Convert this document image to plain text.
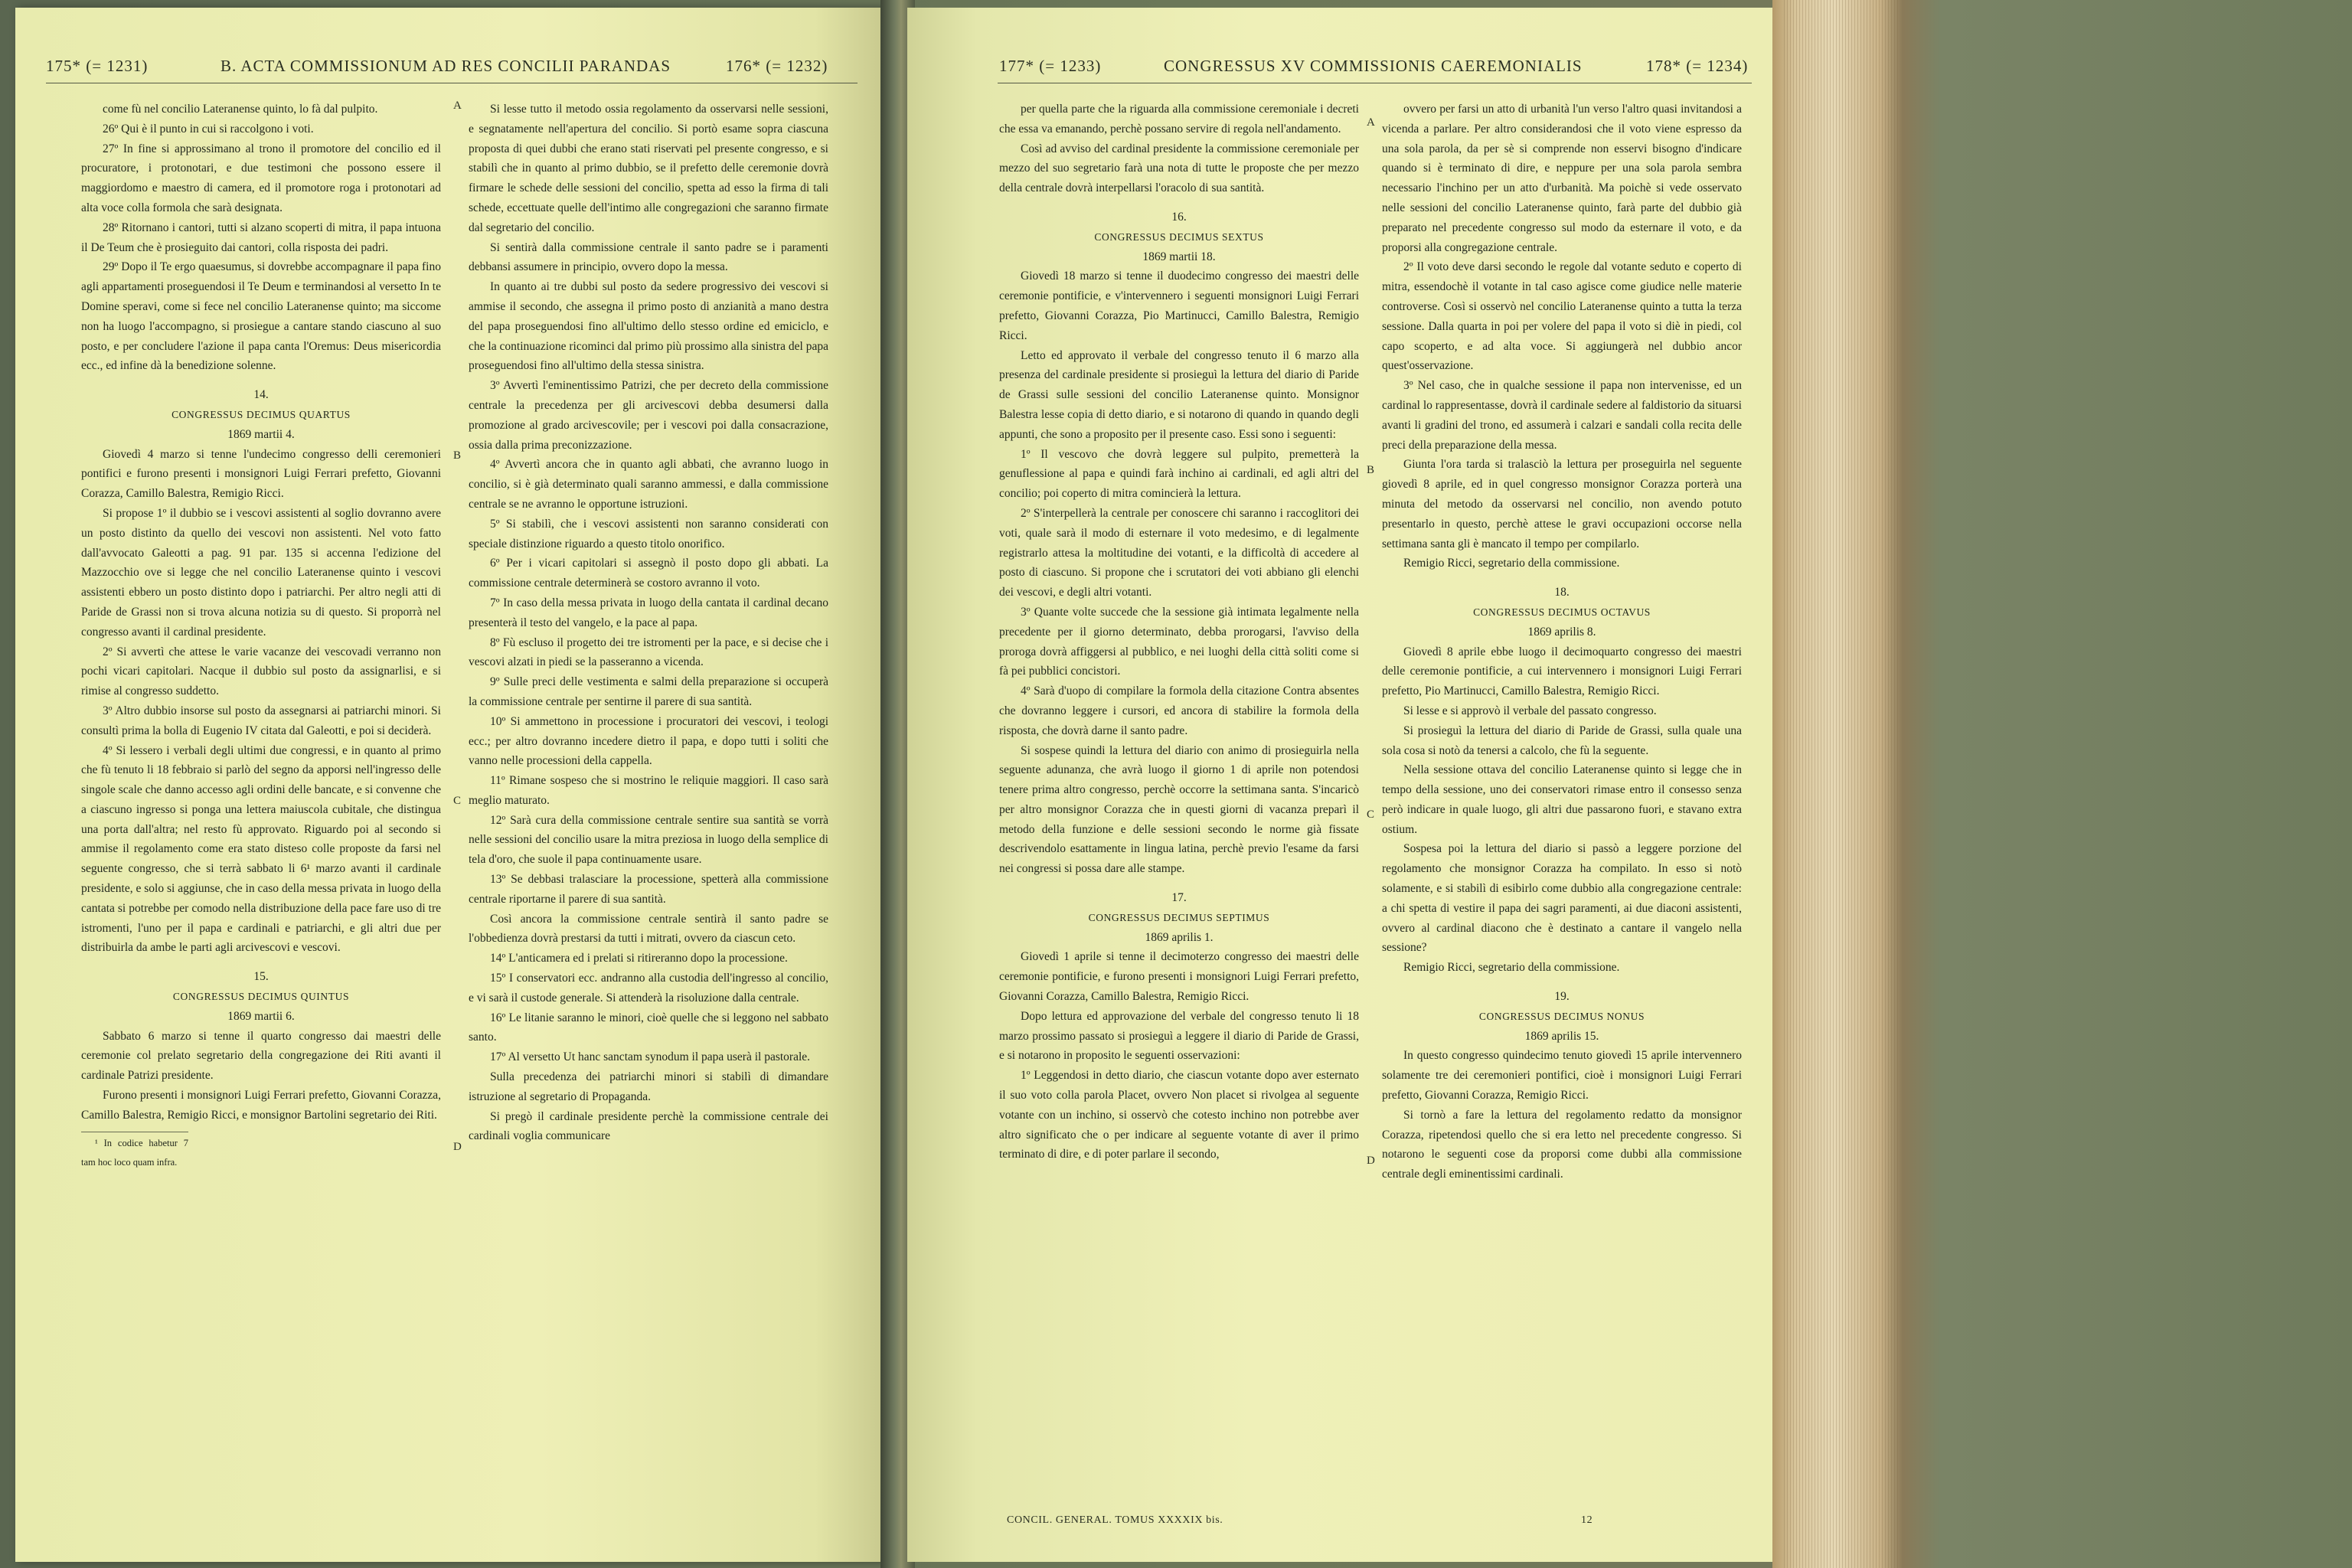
175* (= 1231)	B. ACTA COMMISSIONUM AD RES CONCILII PARANDAS	176* (= 1232)

come fù nel concilio Lateranense quinto, lo fà dal pulpito.

26º Qui è il punto in cui si raccolgono i voti.

27º In fine si approssimano al trono il promotore del concilio ed il procuratore, i protonotari, e due testimoni che possono essere il maggiordomo e maestro di camera, ed il promotore roga i protonotari ad alta voce colla formola che sarà designata.

28º Ritornano i cantori, tutti si alzano scoperti di mitra, il papa intuona il De Teum che è prosieguito dai cantori, colla risposta dei padri.

29º Dopo il Te ergo quaesumus, si dovrebbe accompagnare il papa fino agli appartamenti proseguendosi il Te Deum e terminandosi al versetto In te Domine speravi, come si fece nel concilio Lateranense quinto; ma siccome non ha luogo l'accompagno, si prosiegue a cantare stando ciascuno al suo posto, e per concludere l'azione il papa canta l'Oremus: Deus misericordia ecc., ed infine dà la benedizione solenne.

14.
CONGRESSUS DECIMUS QUARTUS
1869 martii 4.

Giovedì 4 marzo si tenne l'undecimo congresso delli ceremonieri pontifici e furono presenti i monsignori Luigi Ferrari prefetto, Giovanni Corazza, Camillo Balestra, Remigio Ricci.

Si propose 1º il dubbio se i vescovi assistenti al soglio dovranno avere un posto distinto da quello dei vescovi non assistenti. Nel voto fatto dall'avvocato Galeotti a pag. 91 par. 135 si accenna l'edizione del Mazzocchio ove si legge che nel concilio Lateranense quinto i vescovi assistenti ebbero un posto distinto dopo i patriarchi. Per altro negli atti di Paride de Grassi non si trova alcuna notizia su di questo. Si proporrà nel congresso avanti il cardinal presidente.

2º Si avvertì che attese le varie vacanze dei vescovadi verranno non pochi vicari capitolari. Nacque il dubbio sul posto da assignarlisi, e si rimise al congresso suddetto.

3º Altro dubbio insorse sul posto da assegnarsi ai patriarchi minori. Si consultì prima la bolla di Eugenio IV citata dal Galeotti, e poi si deciderà.

4º Si lessero i verbali degli ultimi due congressi, e in quanto al primo che fù tenuto li 18 febbraio si parlò del segno da apporsi nell'ingresso delle singole scale che danno accesso agli ordini delle bancate, e si convenne che a ciascuno ingresso si ponga una lettera maiuscola cubitale, che distingua una porta dall'altra; nel resto fù approvato. Riguardo poi al secondo si ammise il regolamento come era stato disteso colle proposte da farsi nel seguente congresso, che si terrà sabbato li 6¹ marzo avanti il cardinale presidente, e solo si aggiunse, che in caso della messa privata in luogo della cantata si potrebbe per comodo nella distribuzione della pace fare uso di tre istromenti, l'uno per il papa e cardinali e patriarchi, e gli altri due per distribuirla da ambe le parti agli arcivescovi e vescovi.

15.
CONGRESSUS DECIMUS QUINTUS
1869 martii 6.

Sabbato 6 marzo si tenne il quarto congresso dai maestri delle ceremonie col prelato segretario della congregazione dei Riti avanti il cardinale Patrizi presidente.

Furono presenti i monsignori Luigi Ferrari prefetto, Giovanni Corazza, Camillo Balestra, Remigio Ricci, e monsignor Bartolini segretario dei Riti.

¹ In codice habetur 7 tam hoc loco quam infra.

A
B
C
D

Si lesse tutto il metodo ossia regolamento da osservarsi nelle sessioni, e segnatamente nell'apertura del concilio. Si portò esame sopra ciascuna proposta di quei dubbi che erano stati riservati pel presente congresso, e si stabilì che in quanto al primo dubbio, se il prefetto delle ceremonie dovrà firmare le schede delle sessioni del concilio, spetta ad esso la firma di tali schede, eccettuate quelle dell'intimo alle congregazioni che saranno firmate dal segretario del concilio.

Si sentirà dalla commissione centrale il santo padre se i paramenti debbansi assumere in principio, ovvero dopo la messa.

In quanto ai tre dubbi sul posto da sedere progressivo dei vescovi si ammise il secondo, che assegna il primo posto di anzianità a mano destra del papa proseguendosi fino all'ultimo dello stesso ordine ed emiciclo, e che la continuazione ricominci dal primo più prossimo alla sinistra del papa proseguendosi fino all'ultimo della stessa sinistra.

3º Avvertì l'eminentissimo Patrizi, che per decreto della commissione centrale la precedenza per gli arcivescovi debba desumersi dalla promozione al grado arcivescovile; per i vescovi poi dalla consacrazione, ossia dalla prima preconizzazione.

4º Avvertì ancora che in quanto agli abbati, che avranno luogo in concilio, si è già determinato quali saranno ammessi, e dalla commissione centrale se ne avranno le opportune istruzioni.

5º Si stabilì, che i vescovi assistenti non saranno considerati con speciale distinzione riguardo a questo titolo onorifico.

6º Per i vicari capitolari si assegnò il posto dopo gli abbati. La commissione centrale determinerà se costoro avranno il voto.

7º In caso della messa privata in luogo della cantata il cardinal decano presenterà il testo del vangelo, e la pace al papa.

8º Fù escluso il progetto dei tre istromenti per la pace, e si decise che i vescovi alzati in piedi se la passeranno a vicenda.

9º Sulle preci delle vestimenta e salmi della preparazione si occuperà la commissione centrale per sentirne il parere di sua santità.

10º Si ammettono in processione i procuratori dei vescovi, i teologi ecc.; per altro dovranno incedere dietro il papa, e dopo tutti i soliti che vanno nelle processioni della cappella.

11º Rimane sospeso che si mostrino le reliquie maggiori. Il caso sarà meglio maturato.

12º Sarà cura della commissione centrale sentire sua santità se vorrà nelle sessioni del concilio usare la mitra preziosa in luogo della semplice di tela d'oro, che suole il papa continuamente usare.

13º Se debbasi tralasciare la processione, spetterà alla commissione centrale riportarne il parere di sua santità.

Così ancora la commissione centrale sentirà il santo padre se l'obbedienza dovrà prestarsi da tutti i mitrati, ovvero da ciascun ceto.

14º L'anticamera ed i prelati si ritireranno dopo la processione.

15º I conservatori ecc. andranno alla custodia dell'ingresso al concilio, e vi sarà il custode generale. Si attenderà la risoluzione dalla centrale.

16º Le litanie saranno le minori, cioè quelle che si leggono nel sabbato santo.

17º Al versetto Ut hanc sanctam synodum il papa userà il pastorale.

Sulla precedenza dei patriarchi minori si stabilì di dimandare istruzione al segretario di Propaganda.

Si pregò il cardinale presidente perchè la commissione centrale dei cardinali voglia communicare

177* (= 1233)	CONGRESSUS XV COMMISSIONIS CAEREMONIALIS	178* (= 1234)

per quella parte che la riguarda alla commissione ceremoniale i decreti che essa va emanando, perchè possano servire di regola nell'andamento.

Così ad avviso del cardinal presidente la commissione ceremoniale per mezzo del suo segretario farà una nota di tutte le proposte che per mezzo della centrale dovrà interpellarsi l'oracolo di sua santità.

16.
CONGRESSUS DECIMUS SEXTUS
1869 martii 18.

Giovedì 18 marzo si tenne il duodecimo congresso dei maestri delle ceremonie pontificie, e v'intervennero i seguenti monsignori Luigi Ferrari prefetto, Giovanni Corazza, Pio Martinucci, Camillo Balestra, Remigio Ricci.

Letto ed approvato il verbale del congresso tenuto il 6 marzo alla presenza del cardinale presidente si prosieguì la lettura del diario di Paride de Grassi sulle sessioni del concilio Lateranense quinto. Monsignor Balestra lesse copia di detto diario, e si notarono di quando in quando degli appunti, che sono a proposito per il presente caso. Essi sono i seguenti:

1º Il vescovo che dovrà leggere sul pulpito, premetterà la genuflessione al papa e quindi farà inchino ai cardinali, ed agli altri del concilio; poi coperto di mitra comincierà la lettura.

2º S'interpellerà la centrale per conoscere chi saranno i raccoglitori dei voti, quale sarà il modo di esternare il voto medesimo, e di legalmente registrarlo attesa la moltitudine dei votanti, e la difficoltà di accedere al posto di ciascuno. Si propone che i scrutatori dei voti abbiano gli elenchi dei vescovi, e degli altri votanti.

3º Quante volte succede che la sessione già intimata legalmente nella precedente per il giorno determinato, debba prorogarsi, l'avviso della proroga dovrà affiggersi al pubblico, e nei luoghi della città soliti come si fà pei pubblici concistori.

4º Sarà d'uopo di compilare la formola della citazione Contra absentes che dovranno leggere i cursori, ed ancora di stabilire la formola della risposta, che dovrà darne il santo padre.

Si sospese quindi la lettura del diario con animo di prosieguirla nella seguente adunanza, che avrà luogo il giorno 1 di aprile non potendosi tenere prima altro congresso, perchè occorre la settimana santa. S'incaricò per altro monsignor Corazza che in questi giorni di vacanza preparì il metodo della funzione e delle sessioni secondo le norme già fissate descrivendolo esattamente in lingua latina, perchè previo l'esame da farsi nei congressi si possa dare alle stampe.

17.
CONGRESSUS DECIMUS SEPTIMUS
1869 aprilis 1.

Giovedì 1 aprile si tenne il decimoterzo congresso dei maestri delle ceremonie pontificie, e furono presenti i monsignori Luigi Ferrari prefetto, Giovanni Corazza, Camillo Balestra, Remigio Ricci.

Dopo lettura ed approvazione del verbale del congresso tenuto li 18 marzo prossimo passato si prosieguì a leggere il diario di Paride de Grassi, e si notarono in proposito le seguenti osservazioni:

1º Leggendosi in detto diario, che ciascun votante dopo aver esternato il suo voto colla parola Placet, ovvero Non placet si rivolgea al seguente votante con un inchino, si osservò che cotesto inchino non potrebbe aver altro significato che o per indicare al seguente votante di aver il primo terminato di dire, e di poter parlare il secondo,

A
B
C
D

ovvero per farsi un atto di urbanità l'un verso l'altro quasi invitandosi a vicenda a parlare. Per altro considerandosi che il voto viene espresso da una sola parola, da per sè si comprende non esservi bisogno d'indicare quando si è terminato di dire, e neppure per una sola parola sembra necessario l'inchino per un atto d'urbanità. Ma poichè si vede osservato nelle sessioni del concilio Lateranense quinto, farà parte del dubbio già preparato nel precedente congresso sul modo da esternare il voto, e da proporsi alla congregazione centrale.

2º Il voto deve darsi secondo le regole dal votante seduto e coperto di mitra, essendochè il votante in tal caso agisce come giudice nelle materie controverse. Così si osservò nel concilio Lateranense quinto a tutta la terza sessione. Dalla quarta in poi per volere del papa il voto si diè in piedi, col capo scoperto, e ad alta voce. Si aggiungerà nel dubbio ancor quest'osservazione.

3º Nel caso, che in qualche sessione il papa non intervenisse, ed un cardinal lo rappresentasse, dovrà il cardinale sedere al faldistorio da situarsi avanti li gradini del trono, ed assumerà i calzari e sandali colla recita delle preci della preparazione della messa.

Giunta l'ora tarda si tralasciò la lettura per proseguirla nel seguente giovedì 8 aprile, ed in quel congresso monsignor Corazza porterà una minuta del metodo da osservarsi nel concilio, non avendo potuto presentarlo in questo, perchè attese le gravi occupazioni occorse nella settimana santa gli è mancato il tempo per compilarlo.

Remigio Ricci, segretario della commissione.

18.
CONGRESSUS DECIMUS OCTAVUS
1869 aprilis 8.

Giovedì 8 aprile ebbe luogo il decimoquarto congresso dei maestri delle ceremonie pontificie, a cui intervennero i monsignori Luigi Ferrari prefetto, Pio Martinucci, Camillo Balestra, Remigio Ricci.

Si lesse e si approvò il verbale del passato congresso.

Si prosieguì la lettura del diario di Paride de Grassi, sulla quale una sola cosa si notò da tenersi a calcolo, che fù la seguente.

Nella sessione ottava del concilio Lateranense quinto si legge che in tempo della sessione, uno dei conservatori rimase entro il consesso senza però indicare in quale luogo, gli altri due passarono fuori, e stavano extra ostium.

Sospesa poi la lettura del diario si passò a leggere porzione del regolamento che monsignor Corazza ha compilato. In esso si notò solamente, e si stabilì di esibirlo come dubbio alla congregazione centrale: a chi spetta di vestire il papa dei sagri paramenti, ai due diaconi assistenti, ovvero al cardinal diacono che è destinato a cantare il vangelo nella sessione?

Remigio Ricci, segretario della commissione.

19.
CONGRESSUS DECIMUS NONUS
1869 aprilis 15.

In questo congresso quindecimo tenuto giovedì 15 aprile intervennero solamente tre dei ceremonieri pontifici, cioè i monsignori Luigi Ferrari prefetto, Giovanni Corazza, Remigio Ricci.

Si tornò a fare la lettura del regolamento redatto da monsignor Corazza, ripetendosi quello che si era letto nel precedente congresso. Si notarono le seguenti cose da proporsi come dubbi alla commissione centrale degli eminentissimi cardinali.

CONCIL. GENERAL. TOMUS XXXXIX bis.	12
